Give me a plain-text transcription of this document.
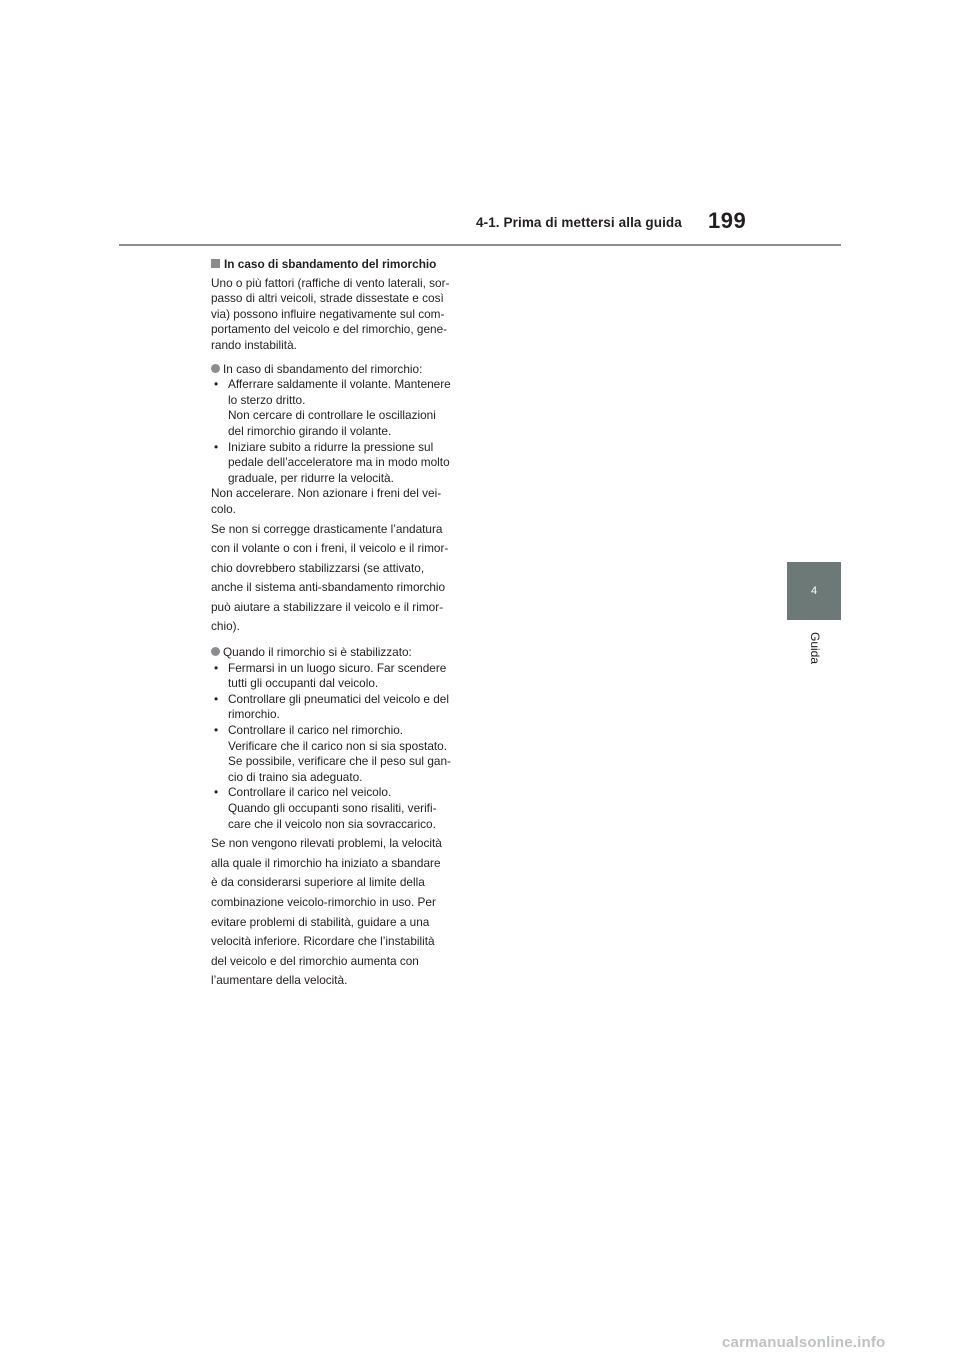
4-1. Prima di mettersi alla guida 199
4
Guida
In caso di sbandamento del rimorchio
Uno o più fattori (raffiche di vento laterali, sor-
passo di altri veicoli, strade dissestate e così
via) possono influire negativamente sul com-
portamento del veicolo e del rimorchio, gene-
rando instabilità.
In caso di sbandamento del rimorchio:
• Afferrare saldamente il volante. Mantenere
lo sterzo dritto.
Non cercare di controllare le oscillazioni
del rimorchio girando il volante.
• Iniziare subito a ridurre la pressione sul
pedale dell’acceleratore ma in modo molto
graduale, per ridurre la velocità.
Non accelerare. Non azionare i freni del vei-
colo.
Se non si corregge drasticamente l’andatura
con il volante o con i freni, il veicolo e il rimor-
chio dovrebbero stabilizzarsi (se attivato,
anche il sistema anti-sbandamento rimorchio
può aiutare a stabilizzare il veicolo e il rimor-
chio).
Quando il rimorchio si è stabilizzato:
• Fermarsi in un luogo sicuro. Far scendere
tutti gli occupanti dal veicolo.
• Controllare gli pneumatici del veicolo e del
rimorchio.
• Controllare il carico nel rimorchio.
Verificare che il carico non si sia spostato.
Se possibile, verificare che il peso sul gan-
cio di traino sia adeguato.
• Controllare il carico nel veicolo.
Quando gli occupanti sono risaliti, verifi-
care che il veicolo non sia sovraccarico.
Se non vengono rilevati problemi, la velocità
alla quale il rimorchio ha iniziato a sbandare
è da considerarsi superiore al limite della
combinazione veicolo-rimorchio in uso. Per
evitare problemi di stabilità, guidare a una
velocità inferiore. Ricordare che l’instabilità
del veicolo e del rimorchio aumenta con
l’aumentare della velocità.
carmanualsonline.info
